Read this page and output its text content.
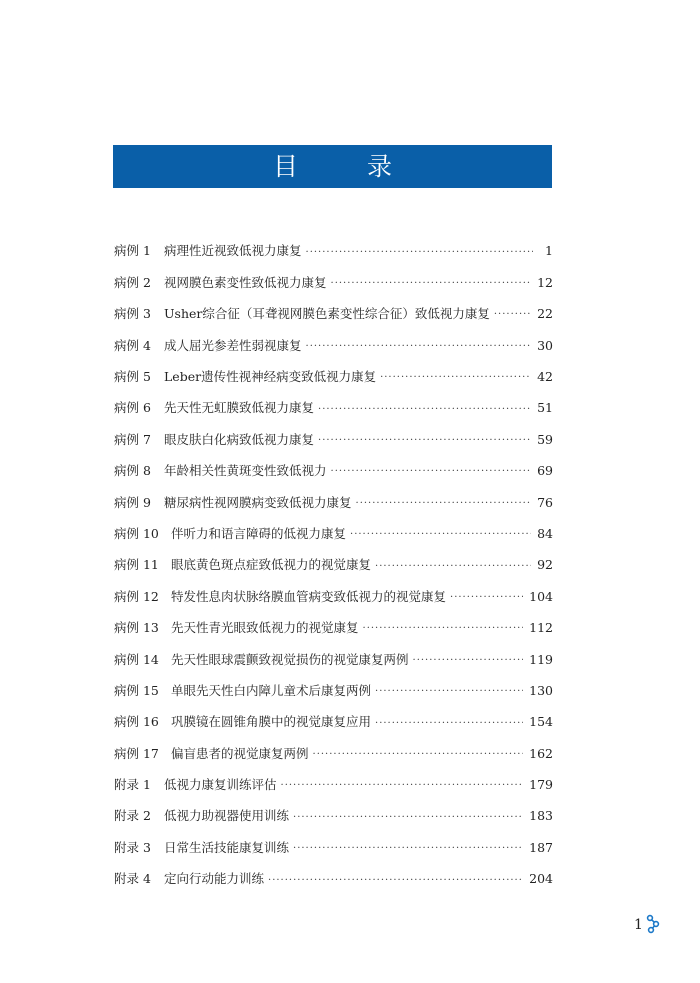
目　录
病例 1	病理性近视致低视力康复 ·····	1
病例 2	视网膜色素变性致低视力康复 ·····	12
病例 3	Usher综合征（耳聋视网膜色素变性综合征）致低视力康复 ·····	22
病例 4	成人屈光参差性弱视康复 ·····	30
病例 5	Leber遗传性视神经病变致低视力康复 ·····	42
病例 6	先天性无虹膜致低视力康复 ·····	51
病例 7	眼皮肤白化病致低视力康复 ·····	59
病例 8	年龄相关性黄斑变性致低视力 ·····	69
病例 9	糖尿病性视网膜病变致低视力康复 ·····	76
病例 10 伴听力和语言障碍的低视力康复 ·····	84
病例 11 眼底黄色斑点症致低视力的视觉康复 ·····	92
病例 12 特发性息肉状脉络膜血管病变致低视力的视觉康复 ·····	104
病例 13 先天性青光眼致低视力的视觉康复 ·····	112
病例 14 先天性眼球震颤致视觉损伤的视觉康复两例 ·····	119
病例 15 单眼先天性白内障儿童术后康复两例 ·····	130
病例 16 巩膜镜在圆锥角膜中的视觉康复应用 ·····	154
病例 17 偏盲患者的视觉康复两例 ·····	162
附录 1	低视力康复训练评估 ·····	179
附录 2	低视力助视器使用训练 ·····	183
附录 3	日常生活技能康复训练 ·····	187
附录 4	定向行动能力训练 ·····	204
1
